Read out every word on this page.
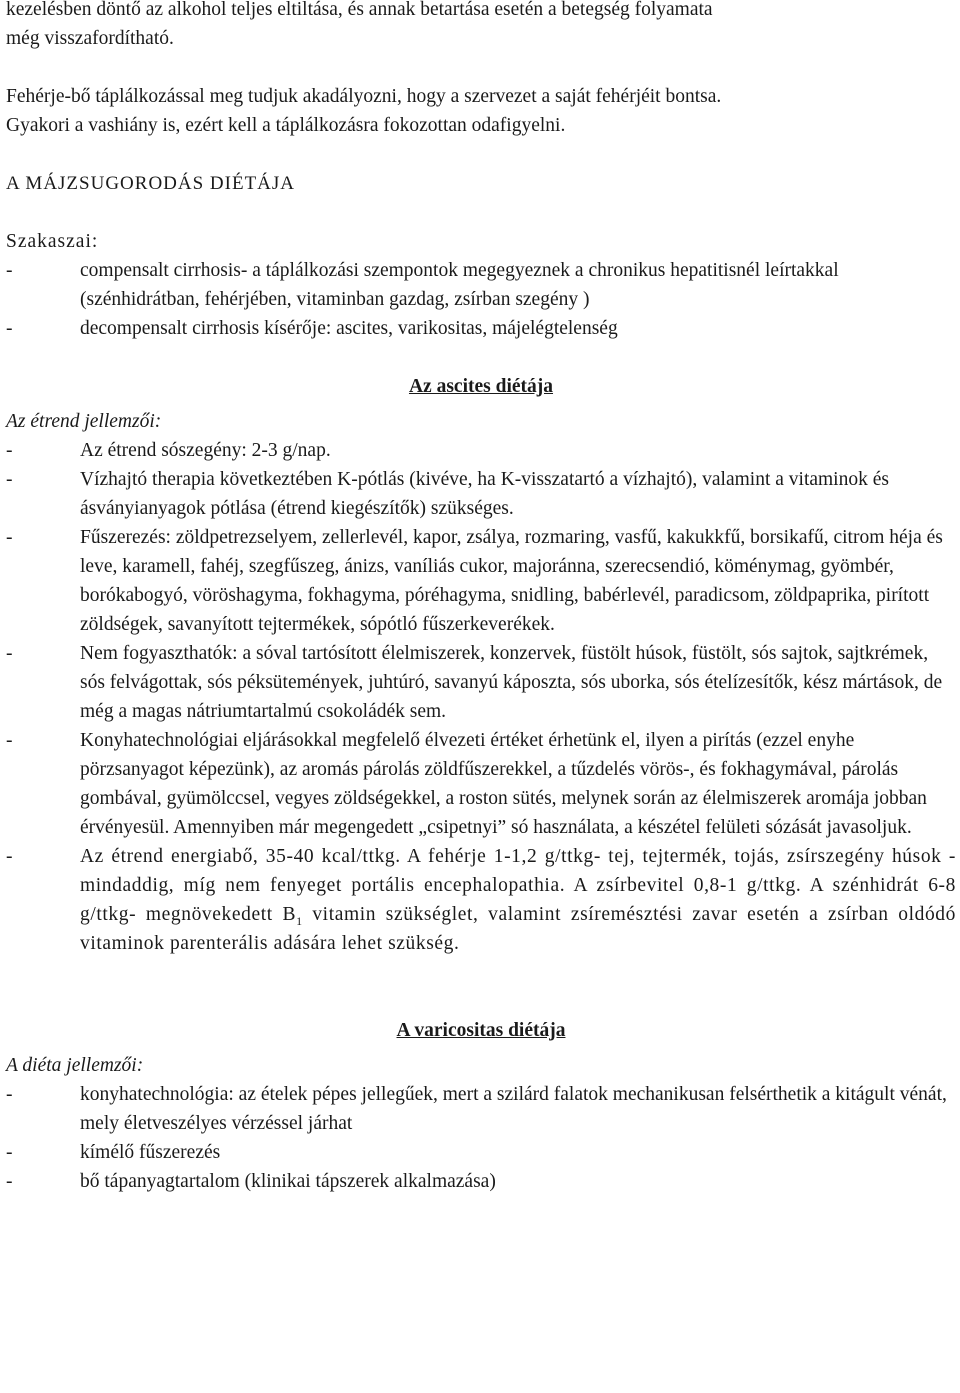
kezelésben döntő az alkohol teljes eltiltása, és annak betartása esetén a betegség folyamata
még visszafordítható.

Fehérje-bő táplálkozással meg tudjuk akadályozni, hogy a szervezet a saját fehérjéit bontsa.
Gyakori a vashiány is, ezért kell a táplálkozásra fokozottan odafigyelni.

A MÁJZSUGORODÁS DIÉTÁJA

Szakaszai:

- compensalt cirrhosis- a táplálkozási szempontok megegyeznek a chronikus hepatitisnél leírtakkal (szénhidrátban, fehérjében, vitaminban gazdag, zsírban szegény )
- decompensalt cirrhosis kísérője: ascites, varikositas, májelégtelenség

Az ascites diétája

Az étrend jellemzői:

- Az étrend sószegény: 2-3 g/nap.
- Vízhajtó therapia következtében K-pótlás (kivéve, ha K-visszatartó a vízhajtó), valamint a vitaminok és ásványianyagok pótlása (étrend kiegészítők) szükséges.
- Fűszerezés: zöldpetrezselyem, zellerlevél, kapor, zsálya, rozmaring, vasfű, kakukkfű, borsikafű, citrom héja és leve, karamell, fahéj, szegfűszeg, ánizs, vaníliás cukor, majoránna, szerecsendió, köménymag, gyömbér, borókabogyó, vöröshagyma, fokhagyma, póréhagyma, snidling, babérlevél, paradicsom, zöldpaprika, pirított zöldségek, savanyított tejtermékek, sópótló fűszerkeverékek.
- Nem fogyaszthatók: a sóval tartósított élelmiszerek, konzervek, füstölt húsok, füstölt, sós sajtok, sajtkrémek, sós felvágottak, sós péksütemények, juhtúró, savanyú káposzta, sós uborka, sós ételízesítők, kész mártások, de még a magas nátriumtartalmú csokoládék sem.
- Konyhatechnológiai eljárásokkal megfelelő élvezeti értéket érhetünk el, ilyen a pirítás (ezzel enyhe pörzsanyagot képezünk), az aromás párolás zöldfűszerekkel, a tűzdelés vörös-, és fokhagymával, párolás gombával, gyümölccsel, vegyes zöldségekkel, a roston sütés, melynek során az élelmiszerek aromája jobban érvényesül. Amennyiben már megengedett „csipetnyi” só használata, a készétel felületi sózását javasoljuk.
- Az étrend energiabő, 35-40 kcal/ttkg. A fehérje 1-1,2 g/ttkg- tej, tejtermék, tojás, zsírszegény húsok - mindaddig, míg nem fenyeget portális encephalopathia. A zsírbevitel 0,8-1 g/ttkg. A szénhidrát 6-8 g/ttkg- megnövekedett $B_1$ vitamin szükséglet, valamint zsíremésztési zavar esetén a zsírban oldódó vitaminok parenterális adására lehet szükség.

A varicositas diétája

A diéta jellemzői:

- konyhatechnológia: az ételek pépes jellegűek, mert a szilárd falatok mechanikusan felsérthetik a kitágult vénát, mely életveszélyes vérzéssel járhat
- kímélő fűszerezés
- bő tápanyagtartalom (klinikai tápszerek alkalmazása)
